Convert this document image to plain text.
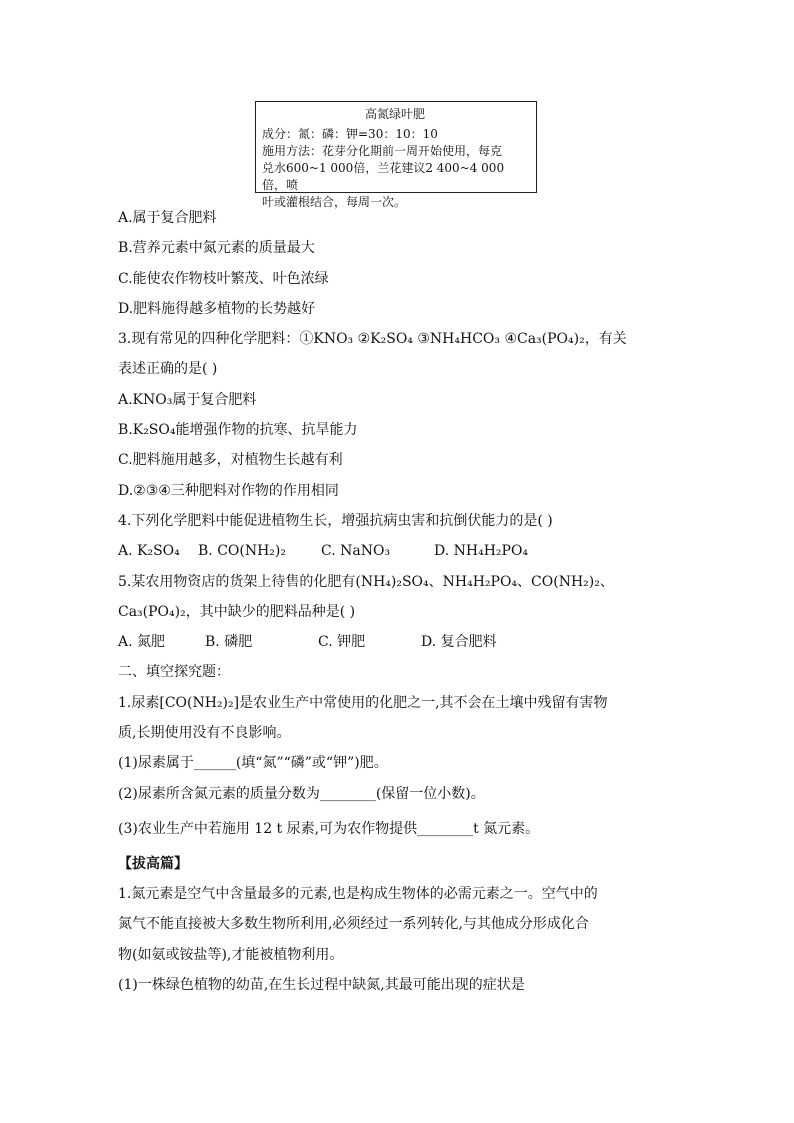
高氮绿叶肥
成分：氮：磷：钾=30：10：10
施用方法：花芽分化期前一周开始使用，每克
兑水600~1 000倍，兰花建议2 400~4 000倍，喷
叶或灌根结合，每周一次。
A.属于复合肥料
B.营养元素中氮元素的质量最大
C.能使农作物枝叶繁茂、叶色浓绿
D.肥料施得越多植物的长势越好
3.现有常见的四种化学肥料：①KNO₃ ②K₂SO₄ ③NH₄HCO₃ ④Ca₃(PO₄)₂，有关
表述正确的是( )
A.KNO₃属于复合肥料
B.K₂SO₄能增强作物的抗寒、抗旱能力
C.肥料施用越多，对植物生长越有利
D.②③④三种肥料对作物的作用相同
4.下列化学肥料中能促进植物生长，增强抗病虫害和抗倒伏能力的是( )
A. K₂SO₄	B. CO(NH₂)₂	C. NaNO₃	D. NH₄H₂PO₄
5.某农用物资店的货架上待售的化肥有(NH₄)₂SO₄、NH₄H₂PO₄、CO(NH₂)₂、
Ca₃(PO₄)₂，其中缺少的肥料品种是( )
A. 氮肥	B. 磷肥	C. 钾肥	D. 复合肥料
二、填空探究题：
1.尿素[CO(NH₂)₂]是农业生产中常使用的化肥之一,其不会在土壤中残留有害物
质,长期使用没有不良影响。
(1)尿素属于______(填“氮”“磷”或“钾”)肥。
(2)尿素所含氮元素的质量分数为________(保留一位小数)。
(3)农业生产中若施用 12 t 尿素,可为农作物提供________t 氮元素。
【拔高篇】
1.氮元素是空气中含量最多的元素,也是构成生物体的必需元素之一。空气中的
氮气不能直接被大多数生物所利用,必须经过一系列转化,与其他成分形成化合
物(如氨或铵盐等),才能被植物利用。
(1)一株绿色植物的幼苗,在生长过程中缺氮,其最可能出现的症状是
